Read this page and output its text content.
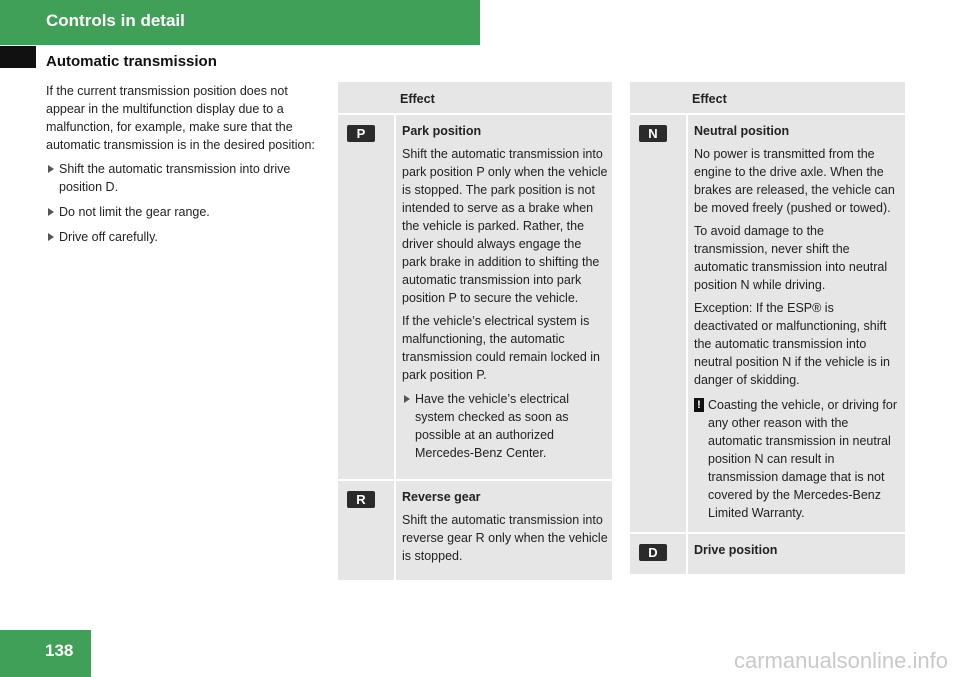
Controls in detail
Automatic transmission

If the current transmission position does not appear in the multifunction display due to a malfunction, for example, make sure that the automatic transmission is in the desired position:

Shift the automatic transmission into drive position D.
Do not limit the gear range.
Drive off carefully.
Effect
P	Park position

Shift the automatic transmission into park position P only when the vehicle is stopped. The park position is not intended to serve as a brake when the vehicle is parked. Rather, the driver should always engage the park brake in addition to shifting the automatic transmission into park position P to secure the vehicle.

If the vehicle’s electrical system is malfunctioning, the automatic transmission could remain locked in park position P.

Have the vehicle’s electrical system checked as soon as possible at an authorized Mercedes-Benz Center.
R	Reverse gear

Shift the automatic transmission into reverse gear R only when the vehicle is stopped.

Effect
N	Neutral position

No power is transmitted from the engine to the drive axle. When the brakes are released, the vehicle can be moved freely (pushed or towed).

To avoid damage to the transmission, never shift the automatic transmission into neutral position N while driving.

Exception: If the ESP® is deactivated or malfunctioning, shift the automatic transmission into neutral position N if the vehicle is in danger of skidding.

! Coasting the vehicle, or driving for any other reason with the automatic transmission in neutral position N can result in transmission damage that is not covered by the Mercedes-Benz Limited Warranty.
D	Drive position
138	carmanualsonline.info
